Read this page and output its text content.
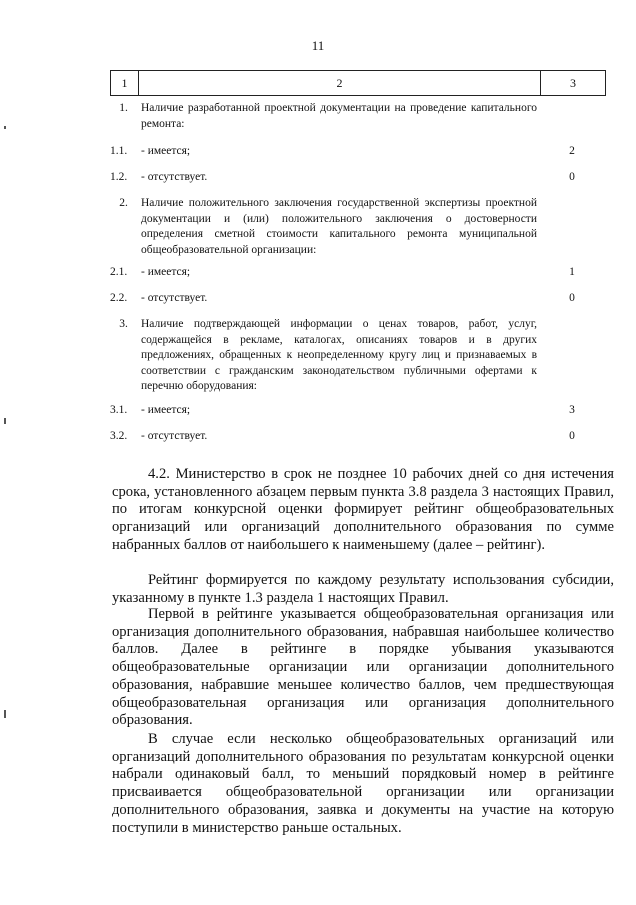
11
1	2	3
1.	Наличие разработанной проектной документации на проведение капитального ремонта:
1.1.	- имеется;	2
1.2.	- отсутствует.	0
2.	Наличие положительного заключения государственной экспертизы проектной документации и (или) положительного заключения о достоверности определения сметной стоимости капитального ремонта муниципальной общеобразовательной организации:
2.1.	- имеется;	1
2.2.	- отсутствует.	0
3.	Наличие подтверждающей информации о ценах товаров, работ, услуг, содержащейся в рекламе, каталогах, описаниях товаров и в других предложениях, обращенных к неопределенному кругу лиц и признаваемых в соответствии с гражданским законодательством публичными офертами к перечню оборудования:
3.1.	- имеется;	3
3.2.	- отсутствует.	0
4.2. Министерство в срок не позднее 10 рабочих дней со дня истечения срока, установленного абзацем первым пункта 3.8 раздела 3 настоящих Правил, по итогам конкурсной оценки формирует рейтинг общеобразовательных организаций или организаций дополнительного образования по сумме набранных баллов от наибольшего к наименьшему (далее – рейтинг).
Рейтинг формируется по каждому результату использования субсидии, указанному в пункте 1.3 раздела 1 настоящих Правил.
Первой в рейтинге указывается общеобразовательная организация или организация дополнительного образования, набравшая наибольшее количество баллов. Далее в рейтинге в порядке убывания указываются общеобразовательные организации или организации дополнительного образования, набравшие меньшее количество баллов, чем предшествующая общеобразовательная организация или организация дополнительного образования.
В случае если несколько общеобразовательных организаций или организаций дополнительного образования по результатам конкурсной оценки набрали одинаковый балл, то меньший порядковый номер в рейтинге присваивается общеобразовательной организации или организации дополнительного образования, заявка и документы на участие на которую поступили в министерство раньше остальных.
